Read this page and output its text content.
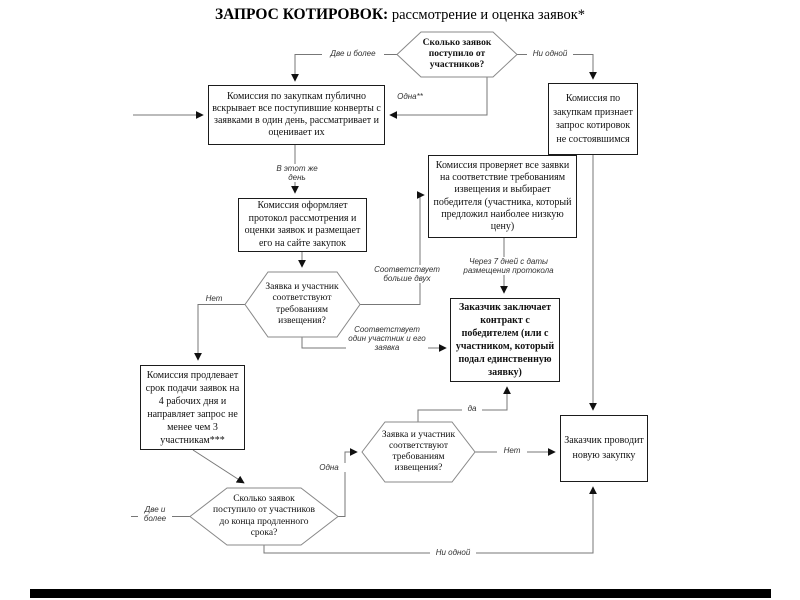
ЗАПРОС КОТИРОВОК: рассмотрение и оценка заявок*
Комиссия по закупкам публично вскрывает все поступившие конверты с заявками в один день, рассматривает и оценивает их
Комиссия по закупкам признает запрос котировок не состоявшимся
Комиссия проверяет все заявки на соответствие требованиям извещения и выбирает победителя (участника, который предложил наиболее низкую цену)
Комиссия оформляет протокол рассмотрения и оценки заявок и размещает его на сайте закупок
Заказчик заключает контракт с победителем (или с участником, который подал единственную заявку)
Комиссия продлевает срок подачи заявок на 4 рабочих дня и направляет запрос не менее чем 3 участникам***	Заказчик проводит новую закупку
Сколько заявок поступило от участников?
Заявка и участник соответствуют требованиям извещения?
Заявка и участник соответствуют требованиям извещения?
Сколько заявок поступило от участников до конца продленного срока?
Две и более	Ни одной
Одна**
В этот же день
Нет
Соответствует больше двух
Соответствует один участник и его заявка
Через 7 дней с даты размещения протокола
да
Одна
Нет
Две и более
Ни одной
